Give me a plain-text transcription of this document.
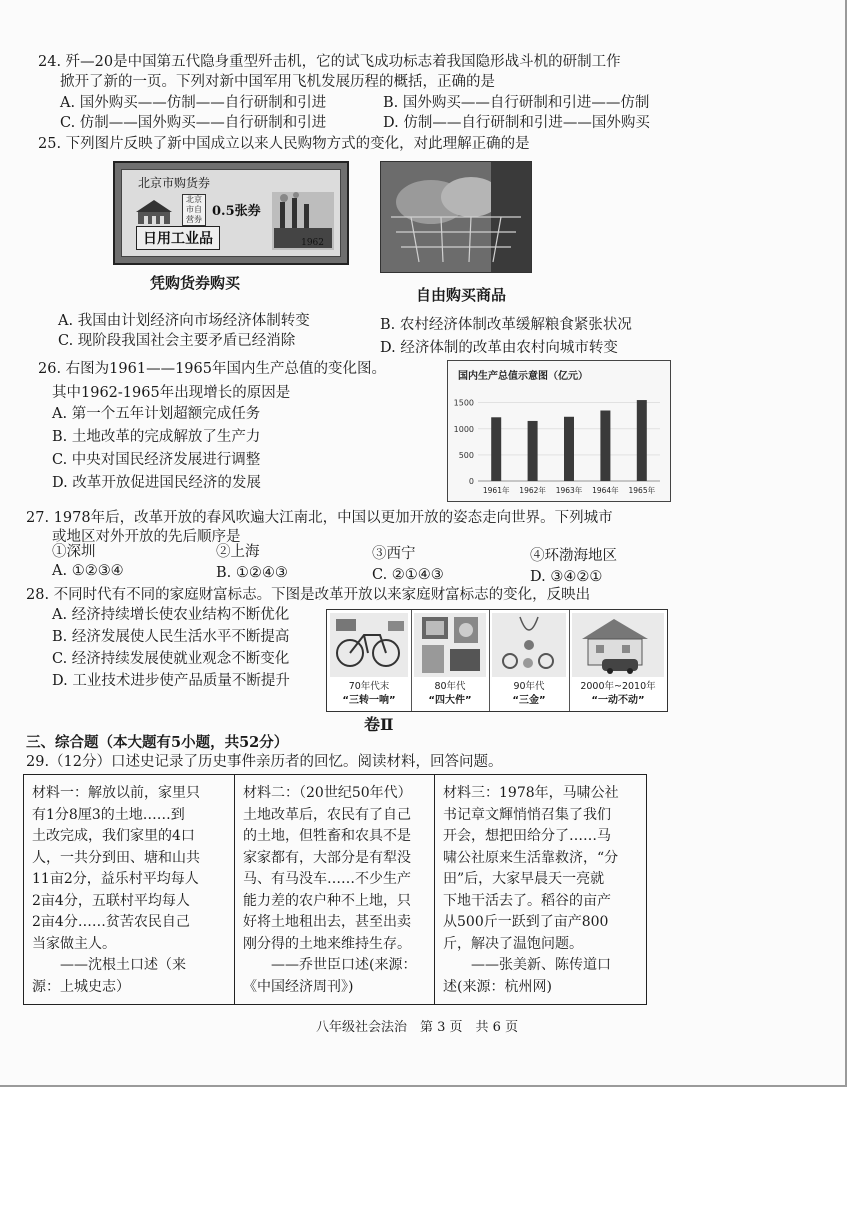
24. 歼—20是中国第五代隐身重型歼击机，它的试飞成功标志着我国隐形战斗机的研制工作
掀开了新的一页。下列对新中国军用飞机发展历程的概括，正确的是
A. 国外购买——仿制——自行研制和引进	B. 国外购买——自行研制和引进——仿制
C. 仿制——国外购买——自行研制和引进	D. 仿制——自行研制和引进——国外购买
25. 下列图片反映了新中国成立以来人民购物方式的变化，对此理解正确的是
北京市购货券
北京市自营券
0.5张券
日用工业品	1962
凭购货券购买
自由购买商品
A. 我国由计划经济向市场经济体制转变	B. 农村经济体制改革缓解粮食紧张状况
C. 现阶段我国社会主要矛盾已经消除	D. 经济体制的改革由农村向城市转变
26. 右图为1961——1965年国内生产总值的变化图。
其中1962-1965年出现增长的原因是
A. 第一个五年计划超额完成任务
B. 土地改革的完成解放了生产力
C. 中央对国民经济发展进行调整
D. 改革开放促进国民经济的发展
国内生产总值示意图（亿元）
0
500
1000
1500
1961年 1962年 1963年 1964年 1965年
27. 1978年后，改革开放的春风吹遍大江南北，中国以更加开放的姿态走向世界。下列城市
或地区对外开放的先后顺序是
①深圳	②上海	③西宁	④环渤海地区
A. ①②③④	B. ①②④③	C. ②①④③	D. ③④②①
28. 不同时代有不同的家庭财富标志。下图是改革开放以来家庭财富标志的变化，反映出
A. 经济持续增长使农业结构不断优化
B. 经济发展使人民生活水平不断提高
C. 经济持续发展使就业观念不断变化
D. 工业技术进步使产品质量不断提升	70年代末
“三转一响”
80年代
“四大件”
90年代
“三金”
2000年~2010年
“一动不动”
卷Ⅱ
三、综合题（本大题有5小题，共52分）
29.（12分）口述史记录了历史事件亲历者的回忆。阅读材料，回答问题。
材料一：解放以前，家里只
有1分8厘3的土地……到
土改完成，我们家里的4口
人，一共分到田、塘和山共
11亩2分，益乐村平均每人
2亩4分，五联村平均每人
2亩4分……贫苦农民自己
当家做主人。
　　——沈根土口述（来
源：上城史志）
材料二：（20世纪50年代）
土地改革后，农民有了自己
的土地，但牲畜和农具不是
家家都有，大部分是有犁没
马、有马没车……不少生产
能力差的农户种不上地，只
好将土地租出去，甚至出卖
刚分得的土地来维持生存。
　　——乔世臣口述(来源：
《中国经济周刊》)
材料三：1978年，马啸公社
书记章文輝悄悄召集了我们
开会，想把田给分了……马
啸公社原来生活靠救济，“分
田”后，大家早晨天一亮就
下地干活去了。稻谷的亩产
从500斤一跃到了亩产800
斤，解决了温饱问题。
　　——张美新、陈传道口
述(来源：杭州网)
八年级社会法治　第 3 页　共 6 页
